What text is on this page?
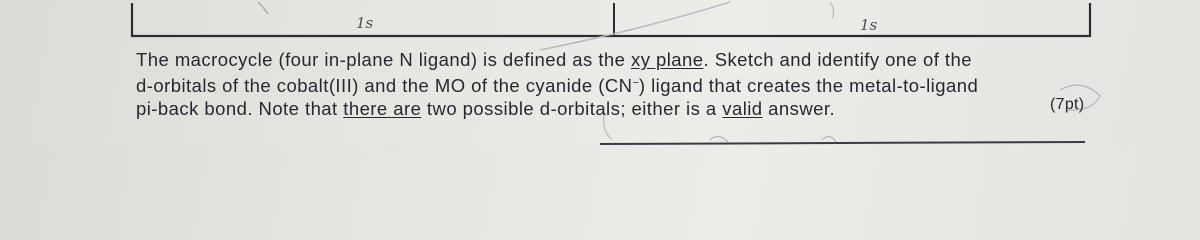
1s	1s

The macrocycle (four in-plane N ligand) is defined as the xy plane. Sketch and identify one of the

d-orbitals of the cobalt(III) and the MO of the cyanide (CN−) ligand that creates the metal-to-ligand

pi-back bond. Note that there are two possible d-orbitals; either is a valid answer.	(7pt)
